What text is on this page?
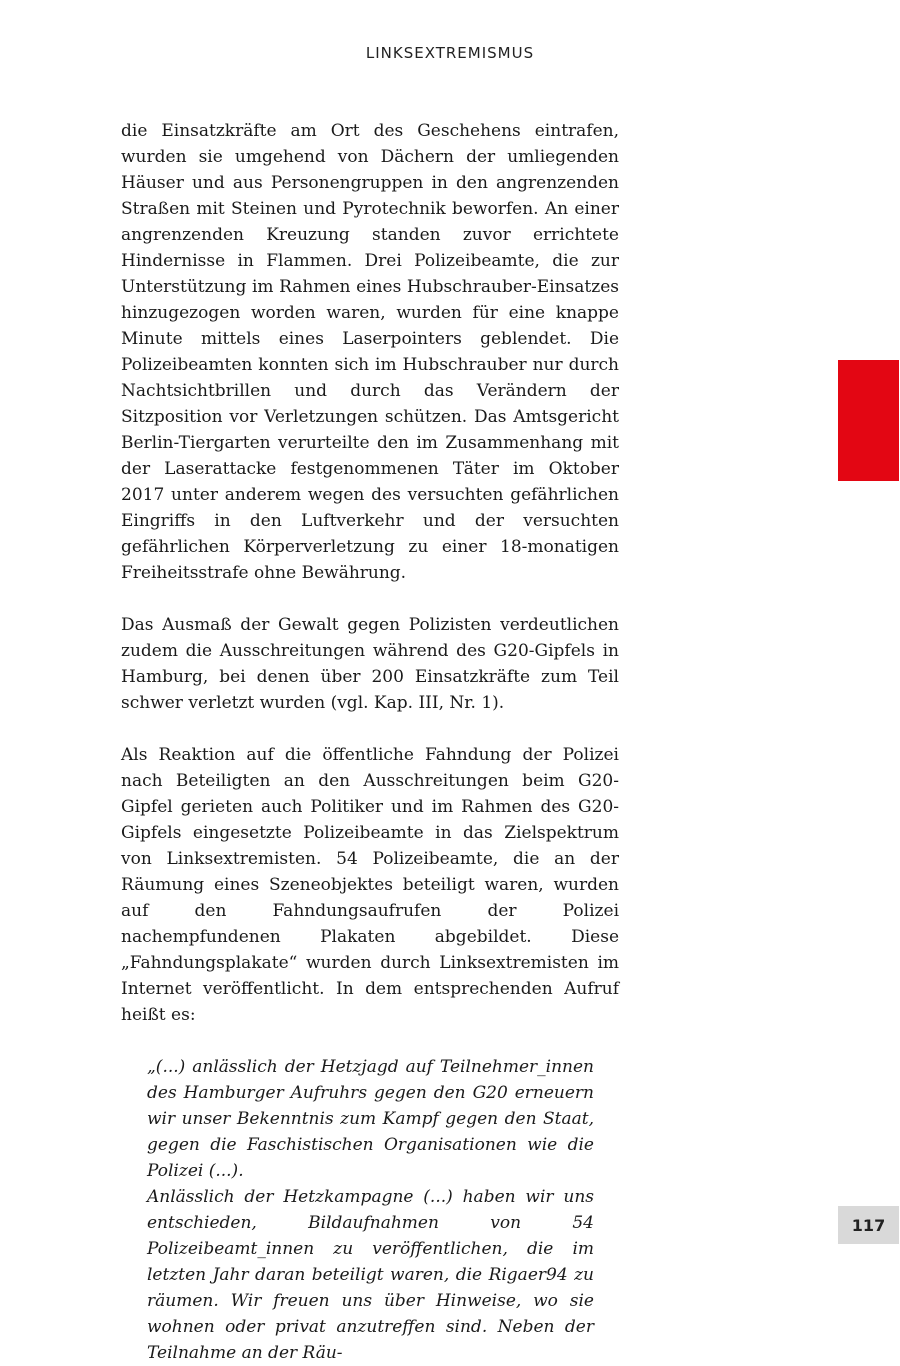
LINKSEXTREMISMUS

die Einsatzkräfte am Ort des Geschehens eintrafen, wurden sie umgehend von Dächern der umliegenden Häuser und aus Personengruppen in den angrenzenden Straßen mit Steinen und Pyrotechnik beworfen. An einer angrenzenden Kreuzung standen zuvor errichtete Hindernisse in Flammen. Drei Polizeibeamte, die zur Unterstützung im Rahmen eines Hubschrauber-Einsatzes hinzugezogen worden waren, wurden für eine knappe Minute mittels eines Laserpointers geblendet. Die Polizeibeamten konnten sich im Hubschrauber nur durch Nachtsichtbrillen und durch das Verändern der Sitzposition vor Verletzungen schützen. Das Amtsgericht Berlin-Tiergarten verurteilte den im Zusammenhang mit der Laserattacke festgenommenen Täter im Oktober 2017 unter anderem wegen des versuchten gefährlichen Eingriffs in den Luftverkehr und der versuchten gefährlichen Körperverletzung zu einer 18-monatigen Freiheitsstrafe ohne Bewährung.

Das Ausmaß der Gewalt gegen Polizisten verdeutlichen zudem die Ausschreitungen während des G20-Gipfels in Hamburg, bei denen über 200 Einsatzkräfte zum Teil schwer verletzt wurden (vgl. Kap. III, Nr. 1).

Als Reaktion auf die öffentliche Fahndung der Polizei nach Beteiligten an den Ausschreitungen beim G20-Gipfel gerieten auch Politiker und im Rahmen des G20-Gipfels eingesetzte Polizeibeamte in das Zielspektrum von Linksextremisten. 54 Polizeibeamte, die an der Räumung eines Szeneobjektes beteiligt waren, wurden auf den Fahndungsaufrufen der Polizei nachempfundenen Plakaten abgebildet. Diese „Fahndungsplakate“ wurden durch Linksextremisten im Internet veröffentlicht. In dem entsprechenden Aufruf heißt es:

„(...) anlässlich der Hetzjagd auf Teilnehmer_innen des Hamburger Aufruhrs gegen den G20 erneuern wir unser Bekenntnis zum Kampf gegen den Staat, gegen die Faschistischen Organisationen wie die Polizei (...).
Anlässlich der Hetzkampagne (...) haben wir uns entschieden, Bildaufnahmen von 54 Polizeibeamt_innen zu veröffentlichen, die im letzten Jahr daran beteiligt waren, die Rigaer94 zu räumen. Wir freuen uns über Hinweise, wo sie wohnen oder privat anzutreffen sind. Neben der Teilnahme an der Räu-
117
